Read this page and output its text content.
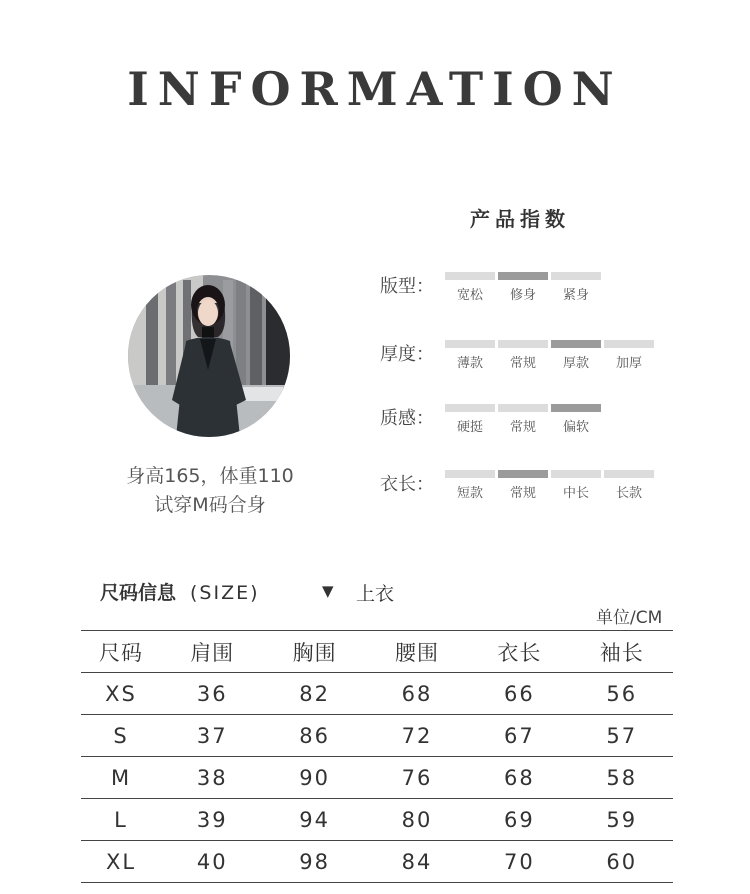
INFORMATION
身高165，体重110
试穿M码合身
产品指数
版型：	宽松	修身	紧身
厚度：	薄款	常规	厚款	加厚
质感：	硬挺	常规	偏软
衣长：	短款	常规	中长	长款
尺码信息 (SIZE)	▼ 上衣
单位/CM
尺码	肩围	胸围	腰围	衣长	袖长
XS	36	82	68	66	56
S	37	86	72	67	57
M	38	90	76	68	58
L	39	94	80	69	59
XL	40	98	84	70	60
